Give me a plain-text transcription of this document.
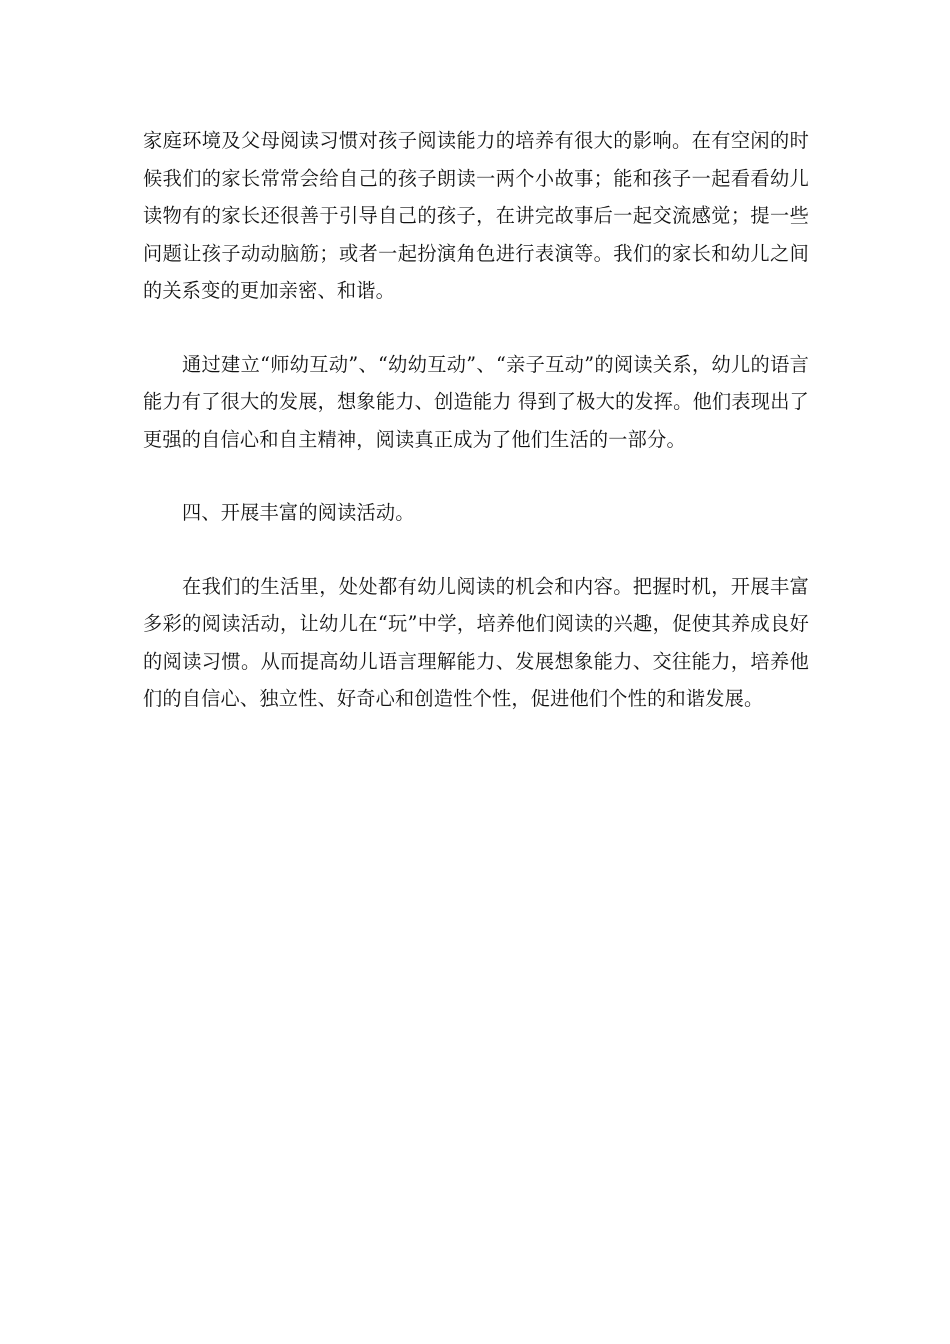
家庭环境及父母阅读习惯对孩子阅读能力的培养有很大的影响。在有空闲的时候我们的家长常常会给自己的孩子朗读一两个小故事；能和孩子一起看看幼儿读物有的家长还很善于引导自己的孩子，在讲完故事后一起交流感觉；提一些问题让孩子动动脑筋；或者一起扮演角色进行表演等。我们的家长和幼儿之间的关系变的更加亲密、和谐。

通过建立“师幼互动”、“幼幼互动”、“亲子互动”的阅读关系，幼儿的语言能力有了很大的发展，想象能力、创造能力 得到了极大的发挥。他们表现出了更强的自信心和自主精神，阅读真正成为了他们生活的一部分。

四、开展丰富的阅读活动。

在我们的生活里，处处都有幼儿阅读的机会和内容。把握时机，开展丰富多彩的阅读活动，让幼儿在“玩”中学，培养他们阅读的兴趣，促使其养成良好的阅读习惯。从而提高幼儿语言理解能力、发展想象能力、交往能力，培养他们的自信心、独立性、好奇心和创造性个性，促进他们个性的和谐发展。
